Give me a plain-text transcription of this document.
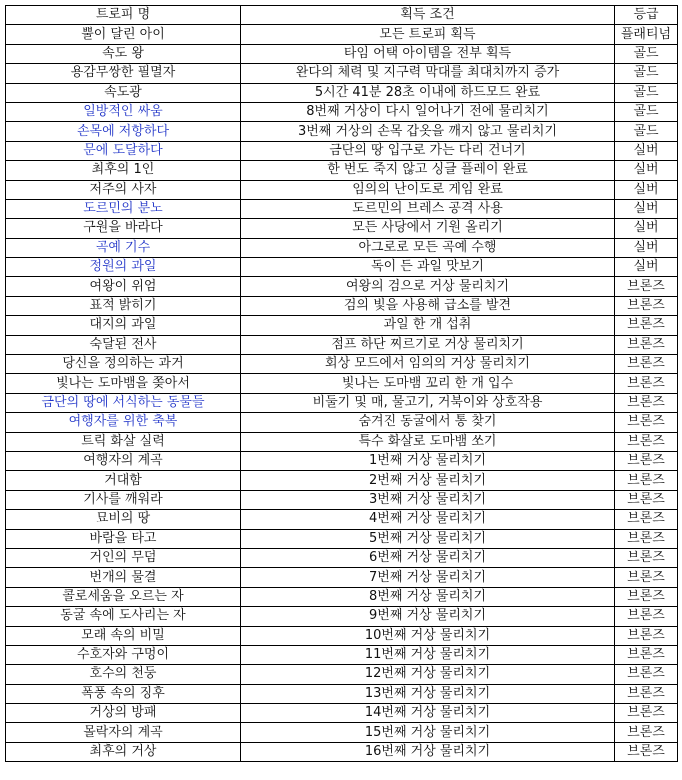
트로피 명	획득 조건	등급
뿔이 달린 아이	모든 트로피 획득	플래티넘
속도 왕	타임 어택 아이템을 전부 획득	골드
용감무쌍한 필멸자	완다의 체력 및 지구력 막대를 최대치까지 증가	골드
속도광	5시간 41분 28초 이내에 하드모드 완료	골드
일방적인 싸움	8번째 거상이 다시 일어나기 전에 물리치기	골드
손목에 저항하다	3번째 거상의 손목 갑옷을 깨지 않고 물리치기	골드
문에 도달하다	금단의 땅 입구로 가는 다리 건너기	실버
최후의 1인	한 번도 죽지 않고 싱글 플레이 완료	실버
저주의 사자	임의의 난이도로 게임 완료	실버
도르민의 분노	도르민의 브레스 공격 사용	실버
구원을 바라다	모든 사당에서 기원 올리기	실버
곡예 기수	아그로로 모든 곡예 수행	실버
정원의 과일	독이 든 과일 맛보기	실버
여왕이 위엄	여왕의 검으로 거상 물리치기	브론즈
표적 밝히기	검의 빛을 사용해 급소를 발견	브론즈
대지의 과일	과일 한 개 섭취	브론즈
숙달된 전사	점프 하단 찌르기로 거상 물리치기	브론즈
당신을 정의하는 과거	회상 모드에서 임의의 거상 물리치기	브론즈
빛나는 도마뱀을 쫒아서	빛나는 도마뱀 꼬리 한 개 입수	브론즈
금단의 땅에 서식하는 동물들	비둘기 및 매, 물고기, 거북이와 상호작용	브론즈
여행자를 위한 축복	숨겨진 동굴에서 통 찾기	브론즈
트릭 화살 실력	특수 화살로 도마뱀 쏘기	브론즈
여행자의 계곡	1번째 거상 물리치기	브론즈
거대함	2번째 거상 물리치기	브론즈
기사를 깨워라	3번째 거상 물리치기	브론즈
묘비의 땅	4번째 거상 물리치기	브론즈
바람을 타고	5번째 거상 물리치기	브론즈
거인의 무덤	6번째 거상 물리치기	브론즈
번개의 물결	7번째 거상 물리치기	브론즈
콜로세움을 오르는 자	8번째 거상 물리치기	브론즈
동굴 속에 도사리는 자	9번째 거상 물리치기	브론즈
모래 속의 비밀	10번째 거상 물리치기	브론즈
수호자와 구멍이	11번째 거상 물리치기	브론즈
호수의 천둥	12번째 거상 물리치기	브론즈
폭풍 속의 징후	13번째 거상 물리치기	브론즈
거상의 방패	14번째 거상 물리치기	브론즈
몰락자의 계곡	15번째 거상 물리치기	브론즈
최후의 거상	16번째 거상 물리치기	브론즈
